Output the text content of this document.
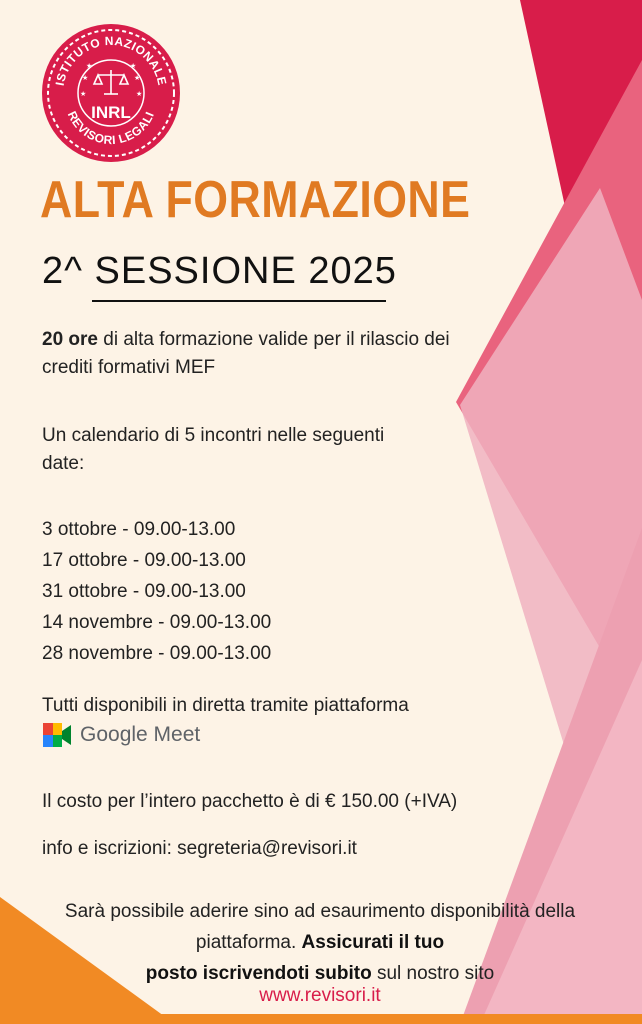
ISTITUTO NAZIONALE
REVISORI LEGALI
INRL
★	★
★	★
★	★
ALTA FORMAZIONE
2^ SESSIONE 2025
20 ore di alta formazione valide per il rilascio dei crediti formativi MEF
Un calendario di 5 incontri nelle seguenti date:
3 ottobre - 09.00-13.00
17 ottobre - 09.00-13.00
31 ottobre - 09.00-13.00
14 novembre - 09.00-13.00
28 novembre - 09.00-13.00
Tutti disponibili in diretta tramite piattaforma
Google Meet
Il costo per l’intero pacchetto è di € 150.00 (+IVA)
info e iscrizioni: segreteria@revisori.it
Sarà possibile aderire sino ad esaurimento disponibilità della piattaforma. Assicurati il tuo
posto iscrivendoti subito sul nostro sito
www.revisori.it
